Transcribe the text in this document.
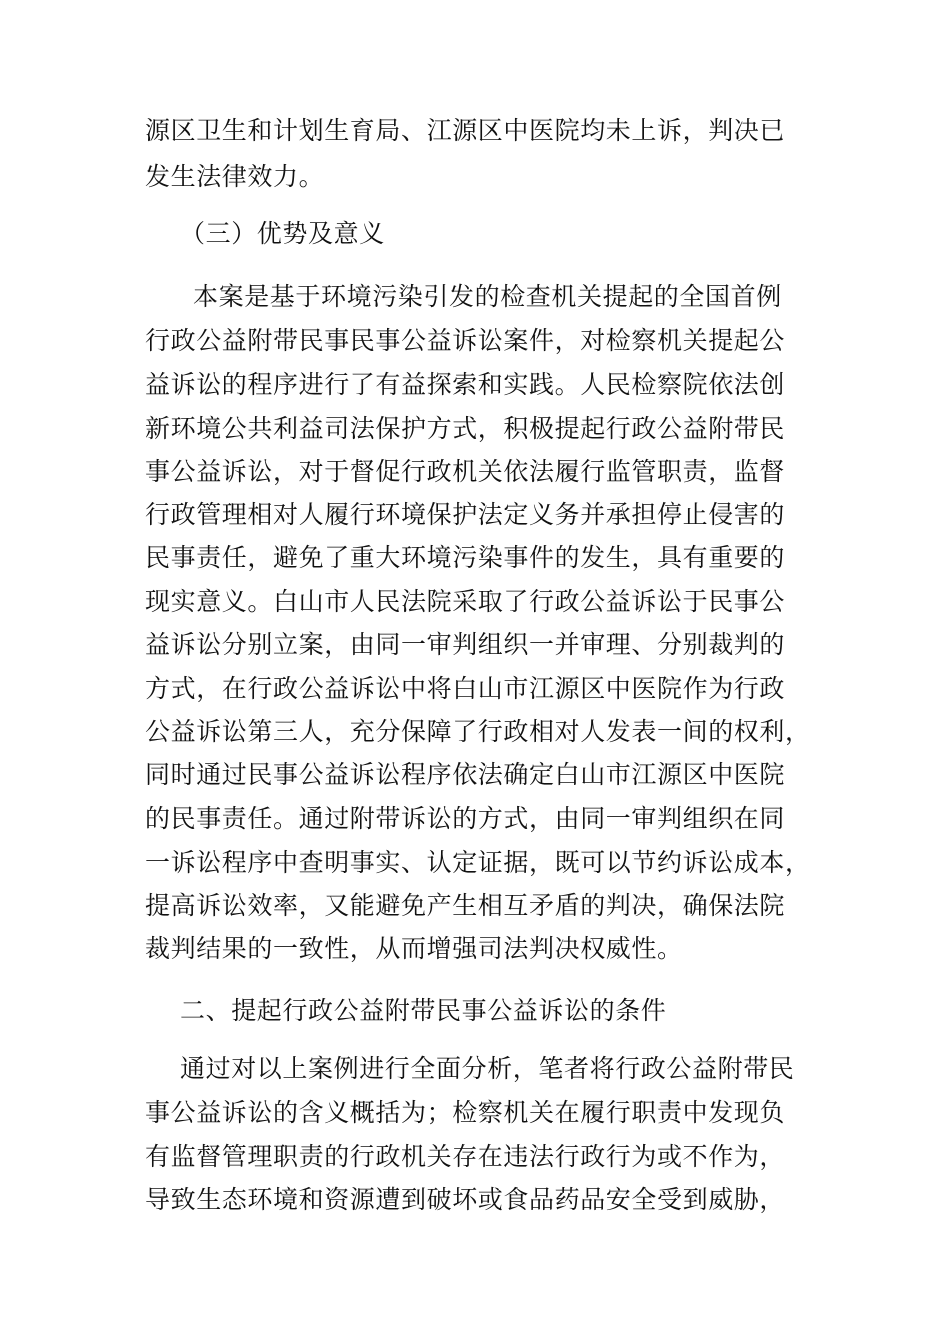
源区卫生和计划生育局、江源区中医院均未上诉，判决已
发生法律效力。
（三）优势及意义
本案是基于环境污染引发的检查机关提起的全国首例
行政公益附带民事民事公益诉讼案件，对检察机关提起公
益诉讼的程序进行了有益探索和实践。人民检察院依法创
新环境公共利益司法保护方式，积极提起行政公益附带民
事公益诉讼，对于督促行政机关依法履行监管职责，监督
行政管理相对人履行环境保护法定义务并承担停止侵害的
民事责任，避免了重大环境污染事件的发生，具有重要的
现实意义。白山市人民法院采取了行政公益诉讼于民事公
益诉讼分别立案，由同一审判组织一并审理、分别裁判的
方式，在行政公益诉讼中将白山市江源区中医院作为行政
公益诉讼第三人，充分保障了行政相对人发表一间的权利，
同时通过民事公益诉讼程序依法确定白山市江源区中医院
的民事责任。通过附带诉讼的方式，由同一审判组织在同
一诉讼程序中查明事实、认定证据，既可以节约诉讼成本，
提高诉讼效率，又能避免产生相互矛盾的判决，确保法院
裁判结果的一致性，从而增强司法判决权威性。
二、提起行政公益附带民事公益诉讼的条件
通过对以上案例进行全面分析，笔者将行政公益附带民
事公益诉讼的含义概括为；检察机关在履行职责中发现负
有监督管理职责的行政机关存在违法行政行为或不作为，
导致生态环境和资源遭到破坏或食品药品安全受到威胁，
